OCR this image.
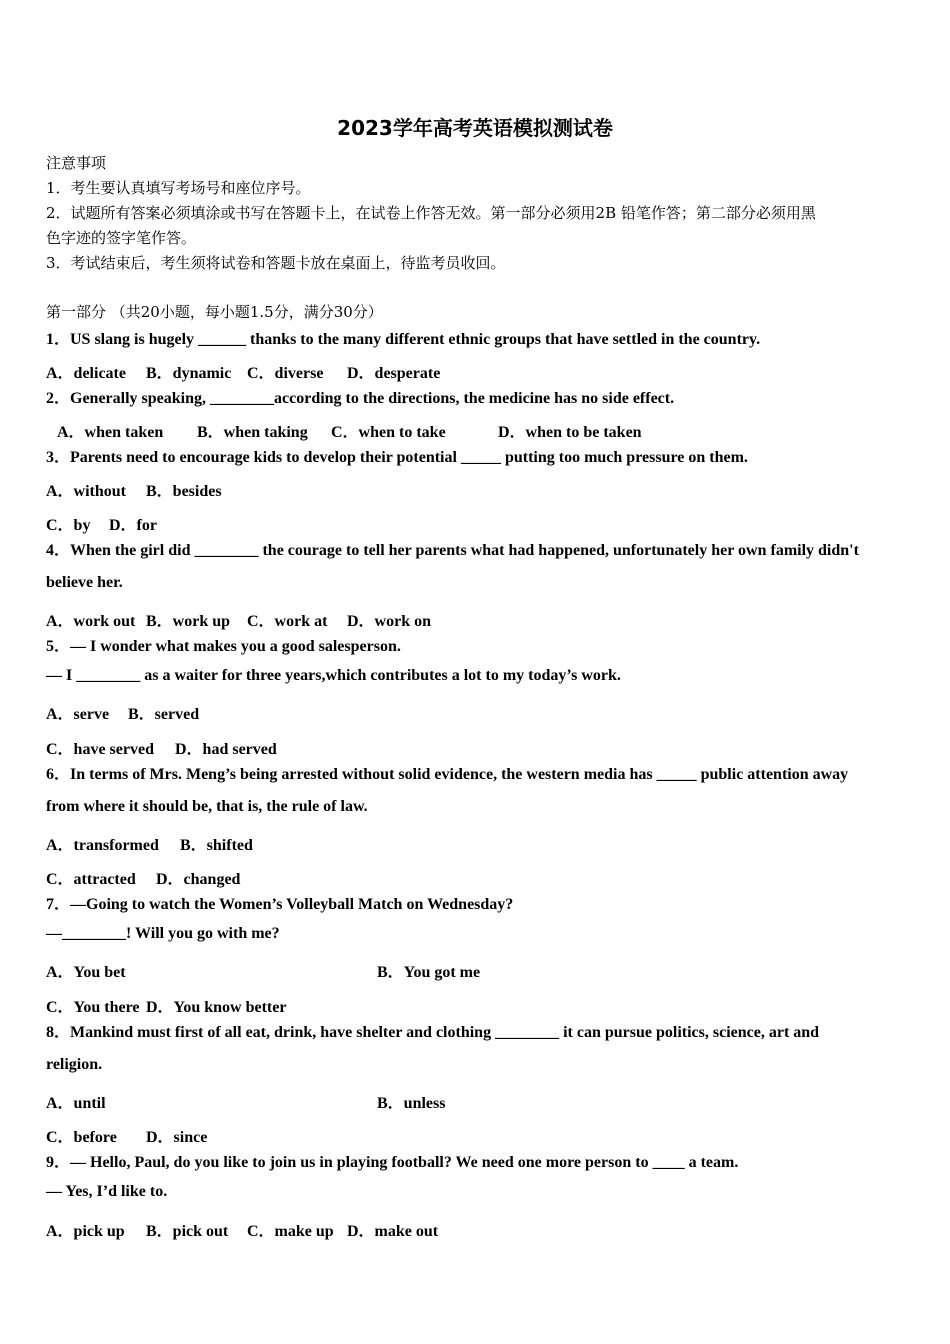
2023学年高考英语模拟测试卷
注意事项
1．考生要认真填写考场号和座位序号。
2．试题所有答案必须填涂或书写在答题卡上，在试卷上作答无效。第一部分必须用2B 铅笔作答；第二部分必须用黑
色字迹的签字笔作答。
3．考试结束后，考生须将试卷和答题卡放在桌面上，待监考员收回。
第一部分 （共20小题，每小题1.5分，满分30分）
1．US slang is hugely ______ thanks to the many different ethnic groups that have settled in the country.
A．delicate B．dynamic C．diverse D．desperate
2．Generally speaking, ________according to the directions, the medicine has no side effect.
A．when taken B．when taking C．when to take	D．when to be taken
3．Parents need to encourage kids to develop their potential _____ putting too much pressure on them.
A．without B．besides
C．by D．for
4．When the girl did ________ the courage to tell her parents what had happened, unfortunately her own family didn't
believe her.
A．work out B．work up C．work at D．work on
5．— I wonder what makes you a good salesperson.
— I ________ as a waiter for three years,which contributes a lot to my today’s work.
A．serve B．served
C．have served D．had served
6．In terms of Mrs. Meng’s being arrested without solid evidence, the western media has _____ public attention away
from where it should be, that is, the rule of law.
A．transformed B．shifted
C．attracted D．changed
7．—Going to watch the Women’s Volleyball Match on Wednesday?
—________! Will you go with me?
A．You bet	B．You got me
C．You there D．You know better
8．Mankind must first of all eat, drink, have shelter and clothing ________ it can pursue politics, science, art and
religion.
A．until	B．unless
C．before D．since
9．— Hello, Paul, do you like to join us in playing football? We need one more person to ____ a team.
— Yes, I’d like to.
A．pick up B．pick out C．make up D．make out
